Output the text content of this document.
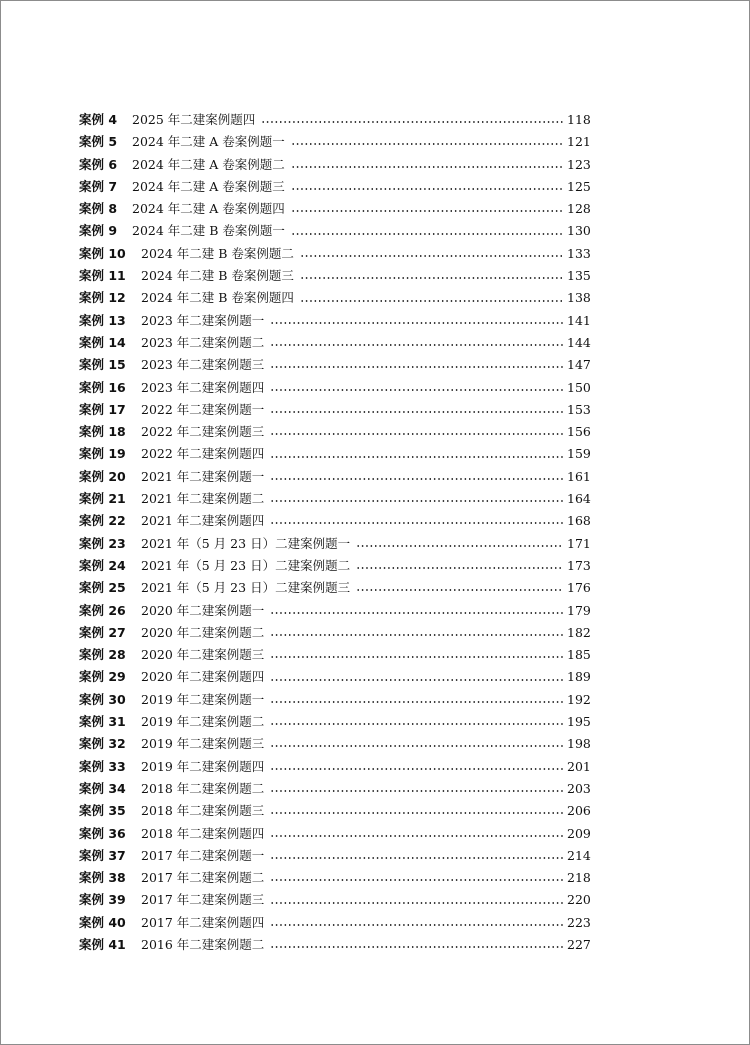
案例 4	2025 年二建案例题四	118
案例 5	2024 年二建 A 卷案例题一	121
案例 6	2024 年二建 A 卷案例题二	123
案例 7	2024 年二建 A 卷案例题三	125
案例 8	2024 年二建 A 卷案例题四	128
案例 9	2024 年二建 B 卷案例题一	130
案例 10	2024 年二建 B 卷案例题二	133
案例 11	2024 年二建 B 卷案例题三	135
案例 12	2024 年二建 B 卷案例题四	138
案例 13	2023 年二建案例题一	141
案例 14	2023 年二建案例题二	144
案例 15	2023 年二建案例题三	147
案例 16	2023 年二建案例题四	150
案例 17	2022 年二建案例题一	153
案例 18	2022 年二建案例题三	156
案例 19	2022 年二建案例题四	159
案例 20	2021 年二建案例题一	161
案例 21	2021 年二建案例题二	164
案例 22	2021 年二建案例题四	168
案例 23	2021 年（5 月 23 日）二建案例题一	171
案例 24	2021 年（5 月 23 日）二建案例题二	173
案例 25	2021 年（5 月 23 日）二建案例题三	176
案例 26	2020 年二建案例题一	179
案例 27	2020 年二建案例题二	182
案例 28	2020 年二建案例题三	185
案例 29	2020 年二建案例题四	189
案例 30	2019 年二建案例题一	192
案例 31	2019 年二建案例题二	195
案例 32	2019 年二建案例题三	198
案例 33	2019 年二建案例题四	201
案例 34	2018 年二建案例题二	203
案例 35	2018 年二建案例题三	206
案例 36	2018 年二建案例题四	209
案例 37	2017 年二建案例题一	214
案例 38	2017 年二建案例题二	218
案例 39	2017 年二建案例题三	220
案例 40	2017 年二建案例题四	223
案例 41	2016 年二建案例题二	227
